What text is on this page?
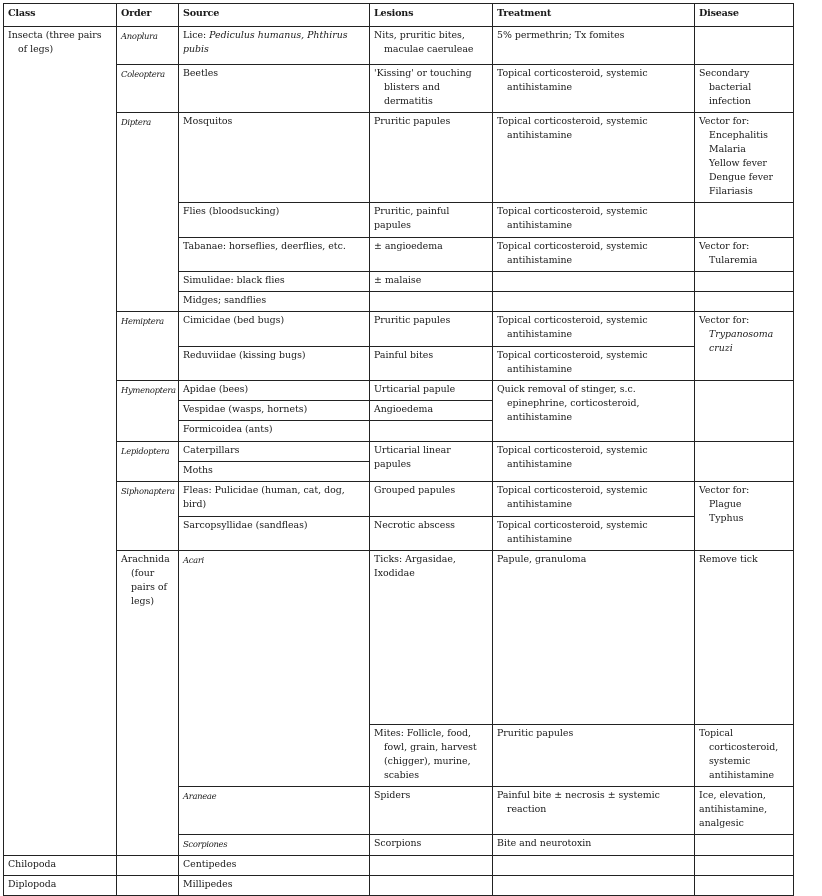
Class	Order	Source	Lesions	Treatment	Disease
Insecta (three pairs of legs)	Anoplura	Lice: Pediculus humanus, Phthirus pubis	Nits, pruritic bites, maculae caeruleae	5% permethrin; Tx fomites	
Coleoptera	Beetles	'Kissing' or touching blisters and dermatitis	Topical corticosteroid, systemic antihistamine	Secondary bacterial infection
Diptera	Mosquitos	Pruritic papules	Topical corticosteroid, systemic antihistamine	Vector for:
Encephalitis
Malaria
Yellow fever
Dengue fever
Filariasis

Flies (bloodsucking)	Pruritic, painful papules	Topical corticosteroid, systemic antihistamine	
Tabanae: horseflies, deerflies, etc.	± angioedema	Topical corticosteroid, systemic antihistamine	Vector for:
Tularemia

Simulidae: black flies	± malaise		
Midges; sandflies			
Hemiptera	Cimicidae (bed bugs)	Pruritic papules	Topical corticosteroid, systemic antihistamine	Vector for:
Trypanosoma cruzi

Reduviidae (kissing bugs)	Painful bites	Topical corticosteroid, systemic antihistamine
Hymenoptera	Apidae (bees)	Urticarial papule	Quick removal of stinger, s.c. epinephrine, corticosteroid, antihistamine	
Vespidae (wasps, hornets)	Angioedema
Formicoidea (ants)	
Lepidoptera	Caterpillars	Urticarial linear papules	Topical corticosteroid, systemic antihistamine	
Moths
Siphonaptera	Fleas: Pulicidae (human, cat, dog, bird)	Grouped papules	Topical corticosteroid, systemic antihistamine	Vector for:
Plague
Typhus

Sarcopsyllidae (sandfleas)	Necrotic abscess	Topical corticosteroid, systemic antihistamine
Arachnida (four pairs of legs)	Acari	Ticks: Argasidae, Ixodidae	Papule, granuloma	Remove tick	

Mites: Follicle, food, fowl, grain, harvest (chigger), murine, scabies	Pruritic papules	Topical corticosteroid, systemic antihistamine	

Araneae	Spiders	Painful bite ± necrosis ± systemic reaction	Ice, elevation, antihistamine, analgesic	
Scorpiones	Scorpions	Bite and neurotoxin		
Chilopoda		Centipedes			
Diplopoda		Millipedes			
